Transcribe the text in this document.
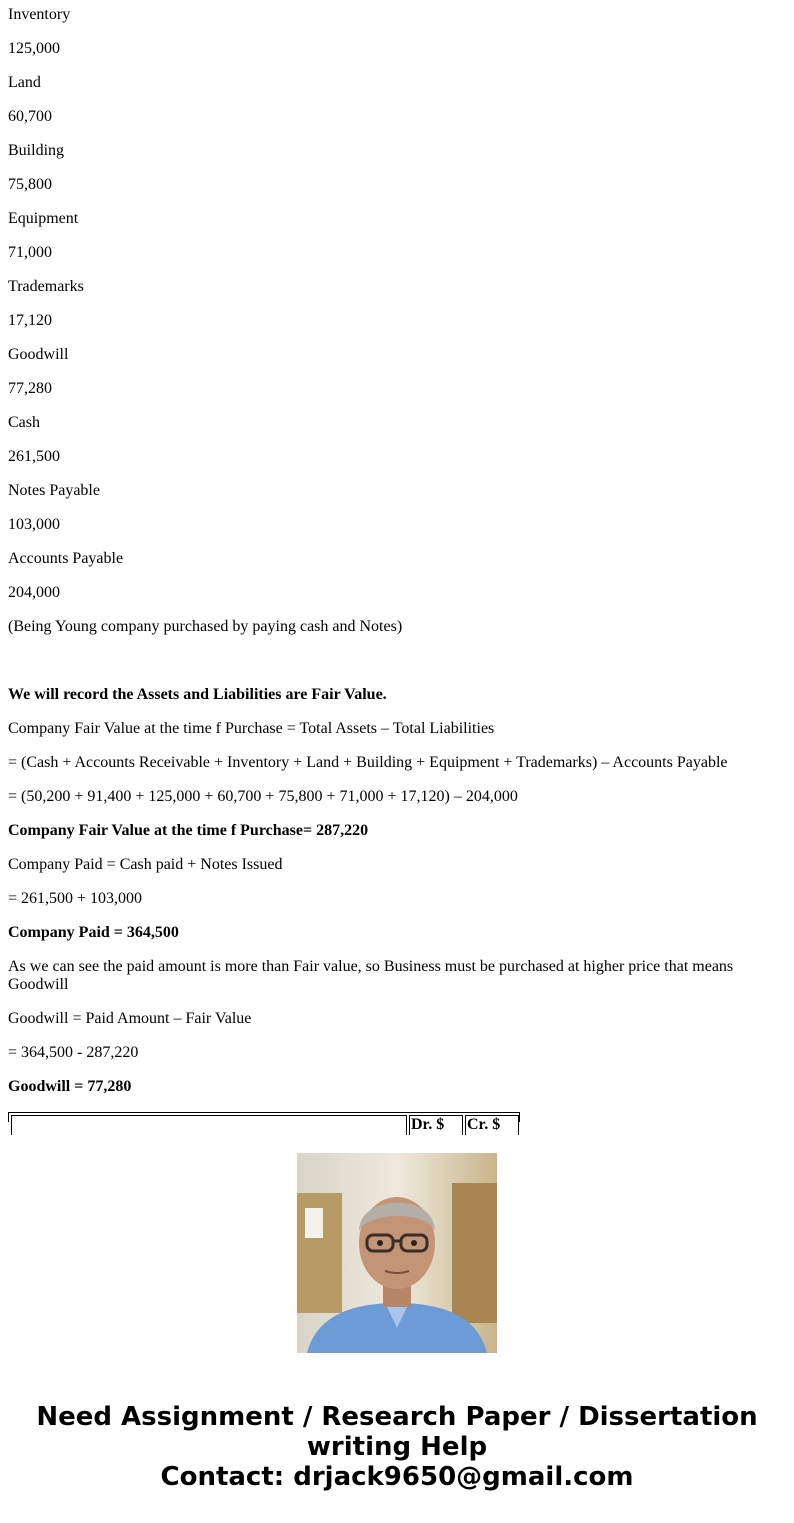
Inventory

125,000

Land

60,700

Building

75,800

Equipment

71,000

Trademarks

17,120

Goodwill

77,280

Cash

261,500

Notes Payable

103,000

Accounts Payable

204,000

(Being Young company purchased by paying cash and Notes)

We will record the Assets and Liabilities are Fair Value.

Company Fair Value at the time f Purchase = Total Assets – Total Liabilities

= (Cash + Accounts Receivable + Inventory + Land + Building + Equipment + Trademarks) – Accounts Payable

= (50,200 + 91,400 + 125,000 + 60,700 + 75,800 + 71,000 + 17,120) – 204,000

Company Fair Value at the time f Purchase= 287,220

Company Paid = Cash paid + Notes Issued

= 261,500 + 103,000

Company Paid = 364,500

As we can see the paid amount is more than Fair value, so Business must be purchased at higher price that means Goodwill

Goodwill = Paid Amount – Fair Value

= 364,500 - 287,220

Goodwill = 77,280

Dr. $	Cr. $
Need Assignment / Research Paper / Dissertation
writing Help
Contact: drjack9650@gmail.com
